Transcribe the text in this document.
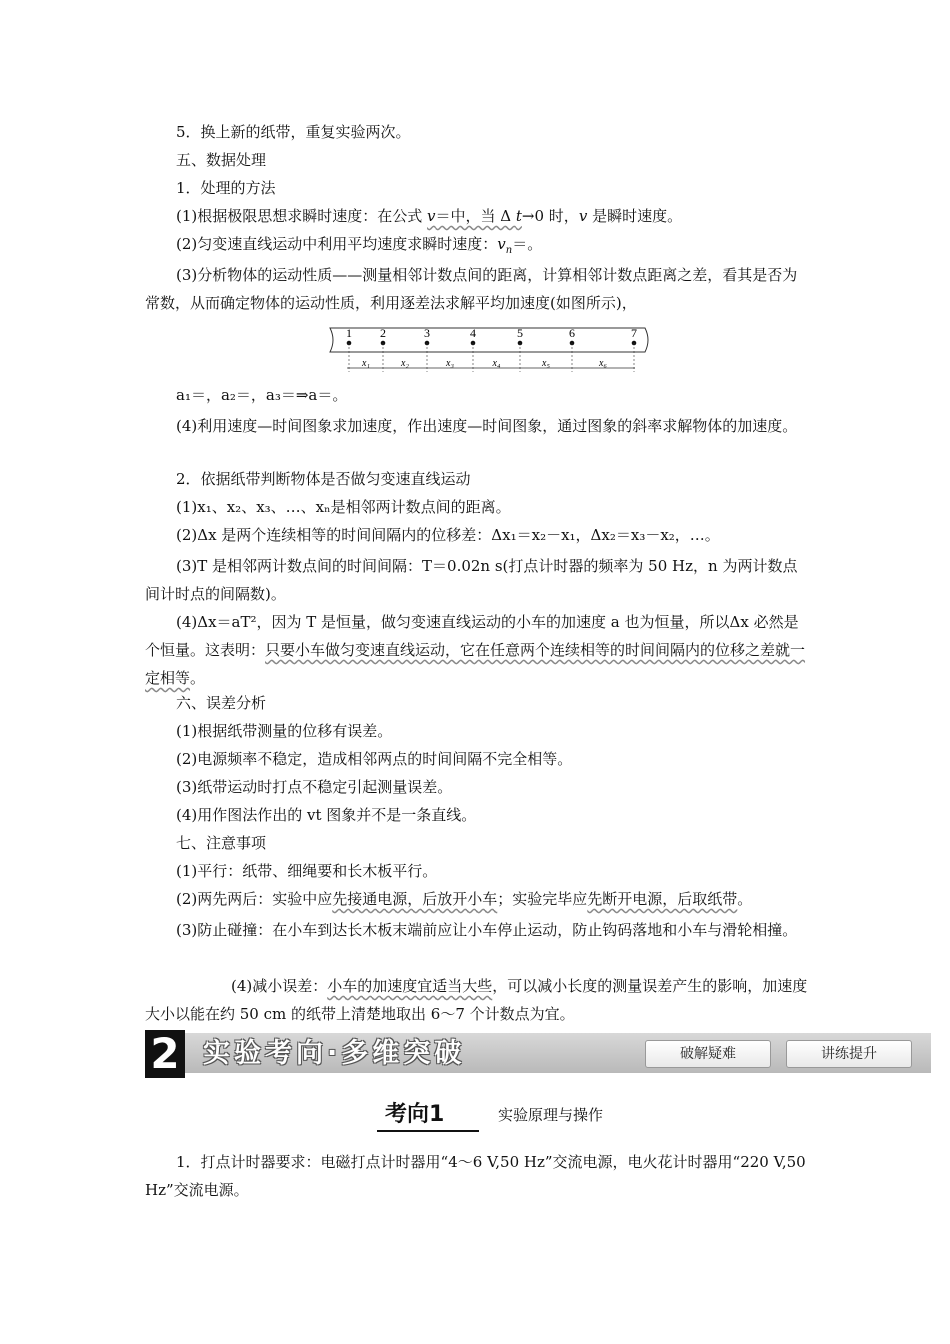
5．换上新的纸带，重复实验两次。
五、数据处理
1．处理的方法
(1)根据极限思想求瞬时速度：在公式 v＝中，当 Δ t→0 时，v 是瞬时速度。
(2)匀变速直线运动中利用平均速度求瞬时速度：$v_n=$。
(3)分析物体的运动性质——测量相邻计数点间的距离，计算相邻计数点距离之差，看其是否为常数，从而确定物体的运动性质，利用逐差法求解平均加速度(如图所示)，
1 2	3	4	5	6	7
x₁	x₂	x₃	x₄	x₅	x₆
a₁＝，a₂＝，a₃＝⇒a＝。
(4)利用速度—时间图象求加速度，作出速度—时间图象，通过图象的斜率求解物体的加速度。
2．依据纸带判断物体是否做匀变速直线运动
(1)x₁、x₂、x₃、…、xₙ是相邻两计数点间的距离。
(2)Δx 是两个连续相等的时间间隔内的位移差：Δx₁＝x₂－x₁，Δx₂＝x₃－x₂，…。
(3)T 是相邻两计数点间的时间间隔：T＝0.02n s(打点计时器的频率为 50 Hz，n 为两计数点间计时点的间隔数)。
(4)Δx＝aT²，因为 T 是恒量，做匀变速直线运动的小车的加速度 a 也为恒量，所以Δx 必然是个恒量。这表明：只要小车做匀变速直线运动，它在任意两个连续相等的时间间隔内的位移之差就一定相等。
六、误差分析
(1)根据纸带测量的位移有误差。
(2)电源频率不稳定，造成相邻两点的时间间隔不完全相等。
(3)纸带运动时打点不稳定引起测量误差。
(4)用作图法作出的 vt 图象并不是一条直线。
七、注意事项
(1)平行：纸带、细绳要和长木板平行。
(2)两先两后：实验中应先接通电源，后放开小车；实验完毕应先断开电源，后取纸带。
(3)防止碰撞：在小车到达长木板末端前应让小车停止运动，防止钩码落地和小车与滑轮相撞。
(4)减小误差：小车的加速度宜适当大些，可以减小长度的测量误差产生的影响，加速度大小以能在约 50 cm 的纸带上清楚地取出 6～7 个计数点为宜。
2 实验考向·多维突破	破解疑难	讲练提升
考向1	实验原理与操作
1．打点计时器要求：电磁打点计时器用“4～6 V,50 Hz”交流电源，电火花计时器用“220 V,50 Hz”交流电源。
